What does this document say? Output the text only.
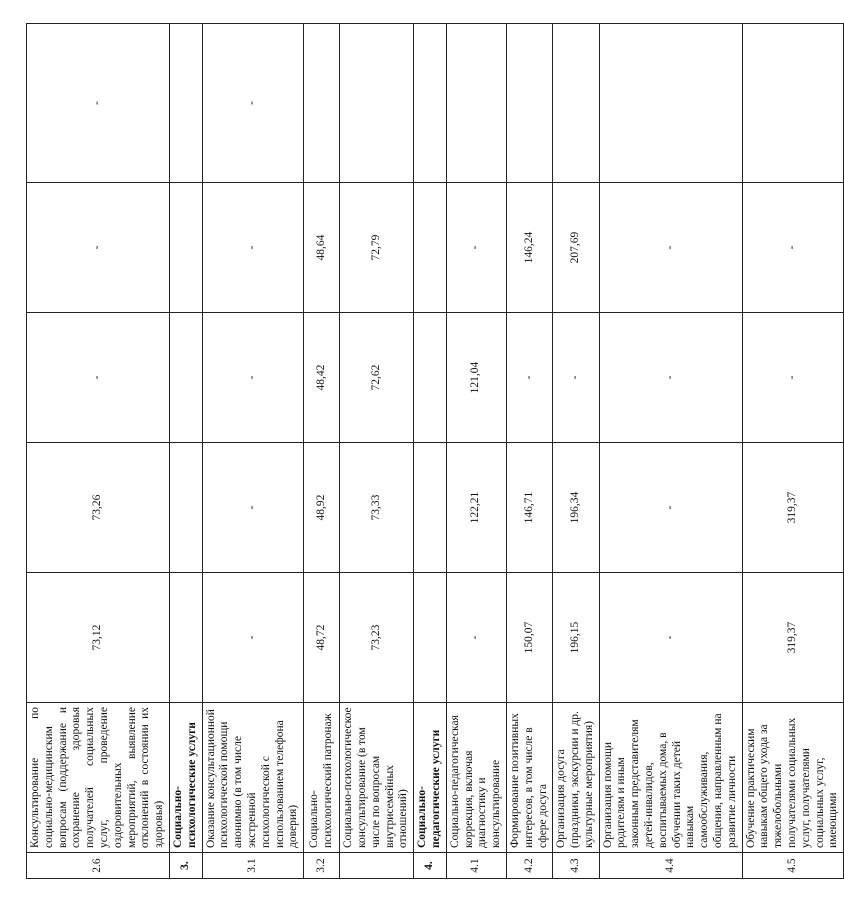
2.6	Консультирование по социально-медицинским вопросам (поддержание и сохранение здоровья получателей социальных услуг, проведение оздоровительных мероприятий, выявление отклонений в состоянии их здоровья)	73,12	73,26	-	-	-
3.	Социально-психологические услуги					
3.1	Оказание консультационной психологической помощи анонимно (в том числе экстренной психологической с использованием телефона доверия)	-	-	-	-	-
3.2	Социально-психологический патронаж	48,72	48,92	48,42	48,64	
	Социально-психологическое консультирование (в том числе по вопросам внутрисемейных отношений)	73,23	73,33	72,62	72,79	
4.	Социально-педагогические услуги					
4.1	Социально-педагогическая коррекция, включая диагностику и консультирование	-	122,21	121,04	-	
4.2	Формирование позитивных интересов, в том числе в сфере досуга	150,07	146,71	-	146,24	
4.3	Организация досуга (праздники, экскурсии и др. культурные мероприятия)	196,15	196,34	-	207,69	
4.4	Организация помощи родителям и иным законным представителям детей-инвалидов, воспитываемых дома, в обучении таких детей навыкам самообслуживания, общения, направленным на развитие личности	-	-	-	-	
4.5	Обучение практическим навыкам общего ухода за тяжелобольными получателями социальных услуг, получателями социальных услуг, имеющими	319,37	319,37	-	-	
